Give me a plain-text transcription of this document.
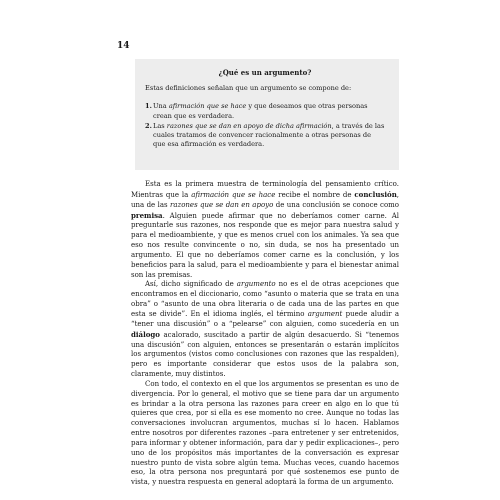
14
¿Qué es un argumento?
Estas definiciones señalan que un argumento se compone de:
1. Una afirmación que se hace y que deseamos que otras personas crean que es verdadera.
2. Las razones que se dan en apoyo de dicha afirmación, a través de las cuales tratamos de convencer racionalmente a otras personas de que esa afirmación es verdadera.

Esta es la primera muestra de terminología del pensamiento crítico. Mientras que la afirmación que se hace recibe el nombre de conclusión, una de las razones que se dan en apoyo de una conclusión se conoce como premisa. Alguien puede afirmar que no deberíamos comer carne. Al preguntarle sus razones, nos responde que es mejor para nuestra salud y para el medioambiente, y que es menos cruel con los animales. Ya sea que eso nos resulte convincente o no, sin duda, se nos ha presentado un argumento. El que no deberíamos comer carne es la conclusión, y los beneficios para la salud, para el medioambiente y para el bienestar animal son las premisas.

Así, dicho significado de argumento no es el de otras acepciones que encontramos en el diccionario, como “asunto o materia que se trata en una obra” o “asunto de una obra literaria o de cada una de las partes en que esta se divide”. En el idioma inglés, el término argument puede aludir a “tener una discusión” o a “pelearse” con alguien, como sucedería en un diálogo acalorado, suscitado a partir de algún desacuerdo. Si “tenemos una discusión” con alguien, entonces se presentarán o estarán implícitos los argumentos (vistos como conclusiones con razones que las respalden), pero es importante considerar que estos usos de la palabra son, claramente, muy distintos.

Con todo, el contexto en el que los argumentos se presentan es uno de divergencia. Por lo general, el motivo que se tiene para dar un argumento es brindar a la otra persona las razones para creer en algo en lo que tú quieres que crea, por si ella es ese momento no cree. Aunque no todas las conversaciones involucran argumentos, muchas sí lo hacen. Hablamos entre nosotros por diferentes razones –para entretener y ser entretenidos, para informar y obtener información, para dar y pedir explicaciones–, pero uno de los propósitos más importantes de la conversación es expresar nuestro punto de vista sobre algún tema. Muchas veces, cuando hacemos eso, la otra persona nos preguntará por qué sostenemos ese punto de vista, y nuestra respuesta en general adoptará la forma de un argumento.
